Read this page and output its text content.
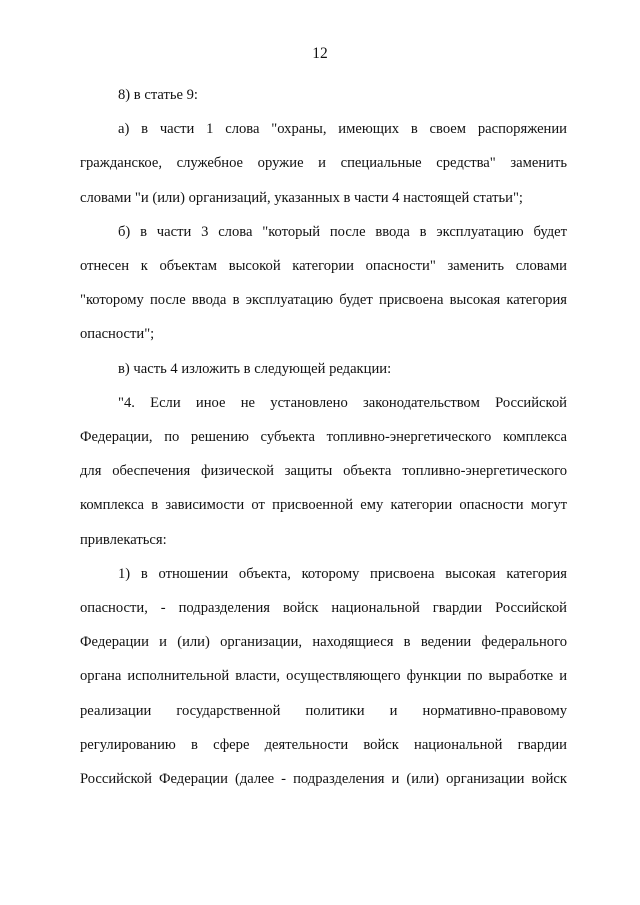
12
8) в статье 9:
а) в части 1 слова "охраны, имеющих в своем распоряжении
гражданское, служебное оружие и специальные средства" заменить
словами "и (или) организаций, указанных в части 4 настоящей статьи";
б) в части 3 слова "который после ввода в эксплуатацию будет
отнесен к объектам высокой категории опасности" заменить словами
"которому после ввода в эксплуатацию будет присвоена высокая категория
опасности";
в) часть 4 изложить в следующей редакции:
"4. Если иное не установлено законодательством Российской
Федерации, по решению субъекта топливно-энергетического комплекса
для обеспечения физической защиты объекта топливно-энергетического
комплекса в зависимости от присвоенной ему категории опасности могут
привлекаться:
1) в отношении объекта, которому присвоена высокая категория
опасности, - подразделения войск национальной гвардии Российской
Федерации и (или) организации, находящиеся в ведении федерального
органа исполнительной власти, осуществляющего функции по выработке и
реализации государственной политики и нормативно-правовому
регулированию в сфере деятельности войск национальной гвардии
Российской Федерации (далее - подразделения и (или) организации войск
